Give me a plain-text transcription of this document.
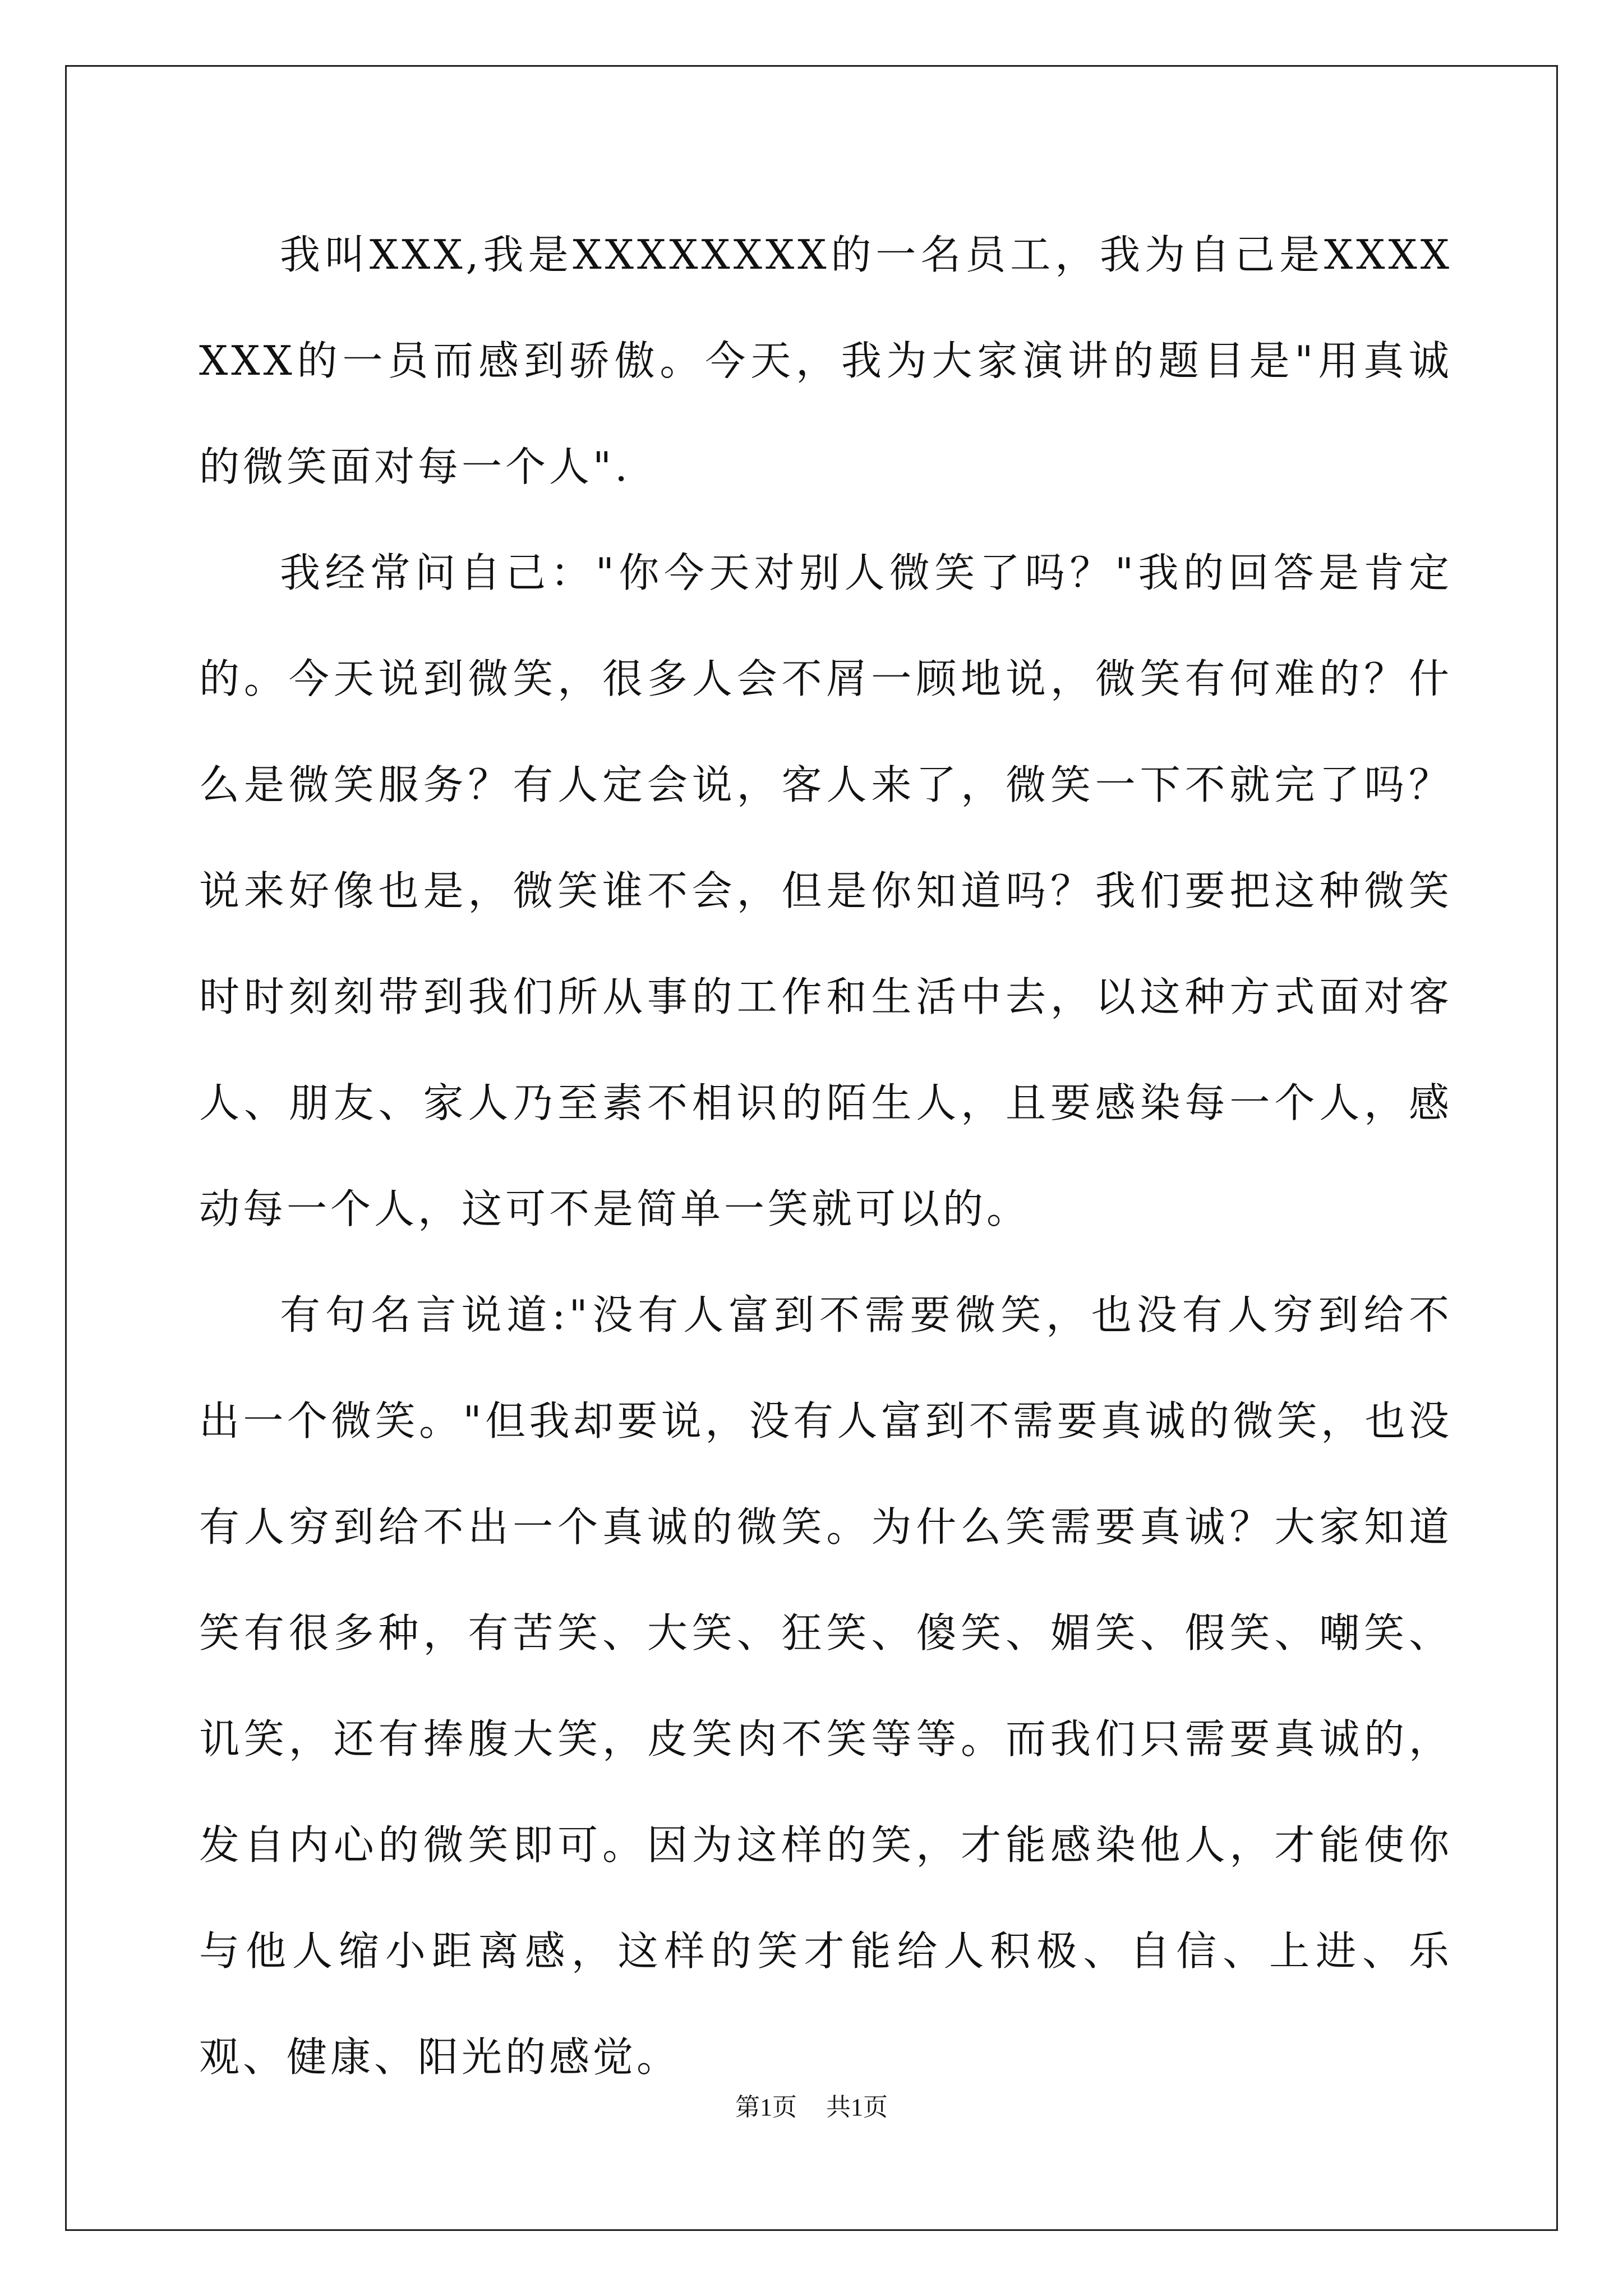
我叫XXX,我是XXXXXXXX的一名员工，我为自己是XXXXXXX的一员而感到骄傲。今天，我为大家演讲的题目是"用真诚的微笑面对每一个人".

我经常问自己："你今天对别人微笑了吗？"我的回答是肯定的。今天说到微笑，很多人会不屑一顾地说，微笑有何难的？什么是微笑服务？有人定会说，客人来了，微笑一下不就完了吗？说来好像也是，微笑谁不会，但是你知道吗？我们要把这种微笑时时刻刻带到我们所从事的工作和生活中去，以这种方式面对客人、朋友、家人乃至素不相识的陌生人，且要感染每一个人，感动每一个人，这可不是简单一笑就可以的。

有句名言说道:"没有人富到不需要微笑，也没有人穷到给不出一个微笑。"但我却要说，没有人富到不需要真诚的微笑，也没有人穷到给不出一个真诚的微笑。为什么笑需要真诚？大家知道笑有很多种，有苦笑、大笑、狂笑、傻笑、媚笑、假笑、嘲笑、讥笑，还有捧腹大笑，皮笑肉不笑等等。而我们只需要真诚的，发自内心的微笑即可。因为这样的笑，才能感染他人，才能使你与他人缩小距离感，这样的笑才能给人积极、自信、上进、乐观、健康、阳光的感觉。

第1页 共1页
